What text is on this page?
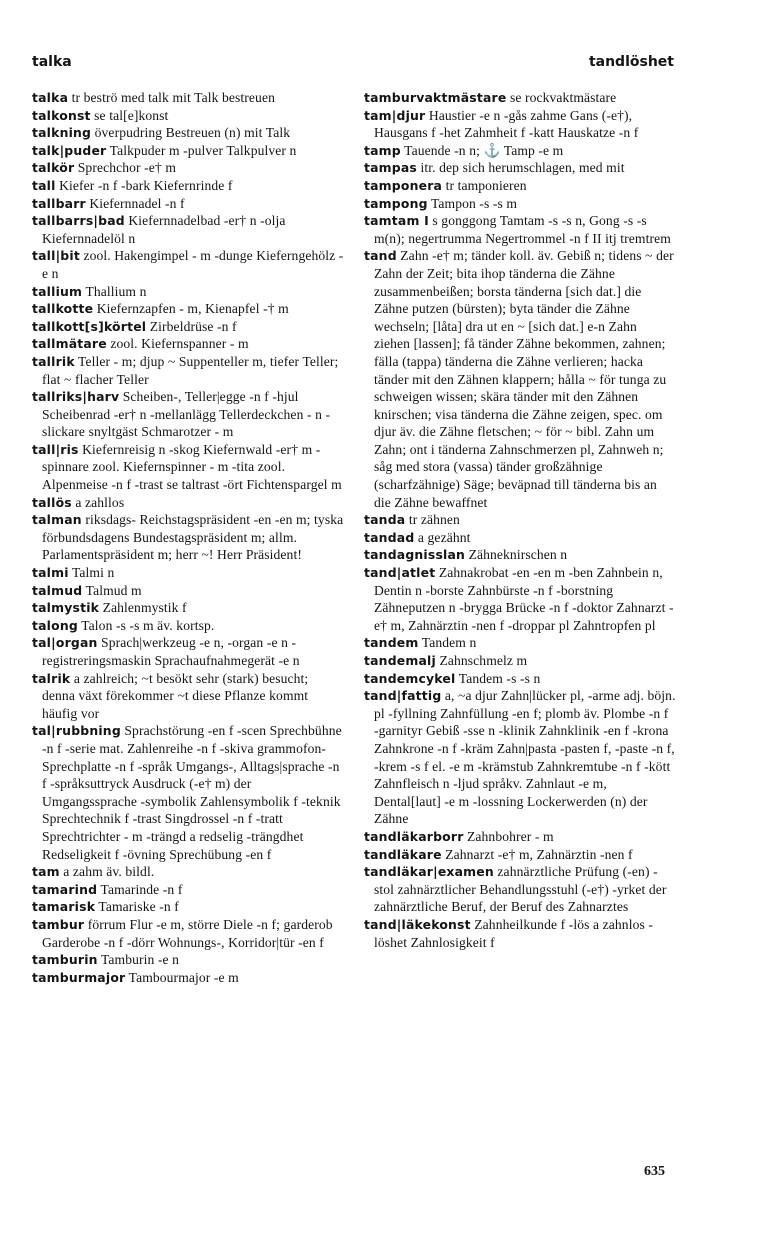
talka	tandlöshet

talka tr beströ med talk mit Talk bestreuen

talkonst se tal[e]konst

talkning överpudring Bestreuen (n) mit Talk

talk|puder Talkpuder m -pulver Talkpulver n

talkör Sprechchor -e† m

tall Kiefer -n f -bark Kiefernrinde f

tallbarr Kiefernnadel -n f

tallbarrs|bad Kiefernnadelbad -er† n -olja Kiefernnadelöl n

tall|bit zool. Hakengimpel - m -dunge Kieferngehölz -e n

tallium Thallium n

tallkotte Kiefernzapfen - m, Kienapfel -† m

tallkott[s]körtel Zirbeldrüse -n f

tallmätare zool. Kiefernspanner - m

tallrik Teller - m; djup ~ Suppenteller m, tiefer Teller; flat ~ flacher Teller

tallriks|harv Scheiben-, Teller|egge -n f -hjul Scheibenrad -er† n -mellanlägg Tellerdeckchen - n -slickare snyltgäst Schmarotzer - m

tall|ris Kiefernreisig n -skog Kiefernwald -er† m -spinnare zool. Kiefernspinner - m -tita zool. Alpenmeise -n f -trast se taltrast -ört Fichtenspargel m

tallös a zahllos

talman riksdags- Reichstagspräsident -en -en m; tyska förbundsdagens Bundestagspräsident m; allm. Parlamentspräsident m; herr ~! Herr Präsident!

talmi Talmi n

talmud Talmud m

talmystik Zahlenmystik f

talong Talon -s -s m äv. kortsp.

tal|organ Sprach|werkzeug -e n, -organ -e n -registreringsmaskin Sprachaufnahmegerät -e n

talrik a zahlreich; ~t besökt sehr (stark) besucht; denna växt förekommer ~t diese Pflanze kommt häufig vor

tal|rubbning Sprachstörung -en f -scen Sprechbühne -n f -serie mat. Zahlenreihe -n f -skiva grammofon- Sprechplatte -n f -språk Umgangs-, Alltags|sprache -n f -språksuttryck Ausdruck (-e† m) der Umgangssprache -symbolik Zahlensymbolik f -teknik Sprechtechnik f -trast Singdrossel -n f -tratt Sprechtrichter - m -trängd a redselig -trängdhet Redseligkeit f -övning Sprechübung -en f

tam a zahm äv. bildl.

tamarind Tamarinde -n f

tamarisk Tamariske -n f

tambur förrum Flur -e m, större Diele -n f; garderob Garderobe -n f -dörr Wohnungs-, Korridor|tür -en f

tamburin Tamburin -e n

tamburmajor Tambourmajor -e m

tamburvaktmästare se rockvaktmästare

tam|djur Haustier -e n -gås zahme Gans (-e†), Hausgans f -het Zahmheit f -katt Hauskatze -n f

tamp Tauende -n n; ⚓ Tamp -e m

tampas itr. dep sich herumschlagen, med mit

tamponera tr tamponieren

tampong Tampon -s -s m

tamtam I s gonggong Tamtam -s -s n, Gong -s -s m(n); negertrumma Negertrommel -n f II itj tremtrem

tand Zahn -e† m; tänder koll. äv. Gebiß n; tidens ~ der Zahn der Zeit; bita ihop tänderna die Zähne zusammenbeißen; borsta tänderna [sich dat.] die Zähne putzen (bürsten); byta tänder die Zähne wechseln; [låta] dra ut en ~ [sich dat.] e-n Zahn ziehen [lassen]; få tänder Zähne bekommen, zahnen; fälla (tappa) tänderna die Zähne verlieren; hacka tänder mit den Zähnen klappern; hålla ~ för tunga zu schweigen wissen; skära tänder mit den Zähnen knirschen; visa tänderna die Zähne zeigen, spec. om djur äv. die Zähne fletschen; ~ för ~ bibl. Zahn um Zahn; ont i tänderna Zahnschmerzen pl, Zahnweh n; såg med stora (vassa) tänder großzähnige (scharfzähnige) Säge; beväpnad till tänderna bis an die Zähne bewaffnet

tanda tr zähnen

tandad a gezähnt

tandagnisslan Zähneknirschen n

tand|atlet Zahnakrobat -en -en m -ben Zahnbein n, Dentin n -borste Zahnbürste -n f -borstning Zähneputzen n -brygga Brücke -n f -doktor Zahnarzt -e† m, Zahnärztin -nen f -droppar pl Zahntropfen pl

tandem Tandem n

tandemalj Zahnschmelz m

tandemcykel Tandem -s -s n

tand|fattig a, ~a djur Zahn|lücker pl, -arme adj. böjn. pl -fyllning Zahnfüllung -en f; plomb äv. Plombe -n f -garnityr Gebiß -sse n -klinik Zahnklinik -en f -krona Zahnkrone -n f -kräm Zahn|pasta -pasten f, -paste -n f, -krem -s f el. -e m -krämstub Zahnkremtube -n f -kött Zahnfleisch n -ljud språkv. Zahnlaut -e m, Dental[laut] -e m -lossning Lockerwerden (n) der Zähne

tandläkarborr Zahnbohrer - m

tandläkare Zahnarzt -e† m, Zahnärztin -nen f

tandläkar|examen zahnärztliche Prüfung (-en) -stol zahnärztlicher Behandlungsstuhl (-e†) -yrket der zahnärztliche Beruf, der Beruf des Zahnarztes

tand|läkekonst Zahnheilkunde f -lös a zahnlos -löshet Zahnlosigkeit f

635
